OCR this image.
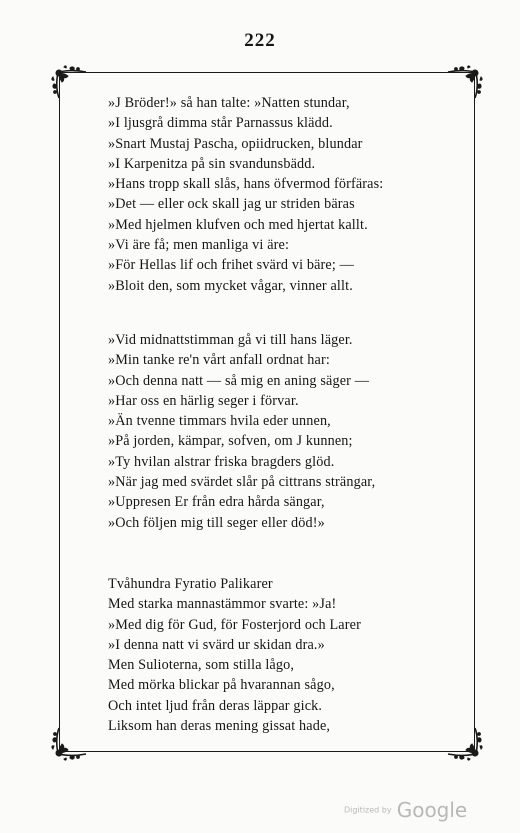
222
»J Bröder!» så han talte: »Natten stundar,
»I ljusgrå dimma står Parnassus klädd.
»Snart Mustaj Pascha, opiidrucken, blundar
»I Karpenitza på sin svandunsbädd.
»Hans tropp skall slås, hans öfvermod förfäras:
»Det — eller ock skall jag ur striden bäras
»Med hjelmen klufven och med hjertat kallt.
»Vi äre få; men manliga vi äre:
»För Hellas lif och frihet svärd vi bäre; —
»Bloit den, som mycket vågar, vinner allt.
»Vid midnattstimman gå vi till hans läger.
»Min tanke re'n vårt anfall ordnat har:
»Och denna natt — så mig en aning säger —
»Har oss en härlig seger i förvar.
»Än tvenne timmars hvila eder unnen,
»På jorden, kämpar, sofven, om J kunnen;
»Ty hvilan alstrar friska bragders glöd.
»När jag med svärdet slår på cittrans strängar,
»Uppresen Er från edra hårda sängar,
»Och följen mig till seger eller död!»
Tvåhundra Fyratio Palikarer
Med starka mannastämmor svarte: »Ja!
»Med dig för Gud, för Fosterjord och Larer
»I denna natt vi svärd ur skidan dra.»
Men Sulioterna, som stilla lågo,
Med mörka blickar på hvarannan sågo,
Och intet ljud från deras läppar gick.
Liksom han deras mening gissat hade,
Digitized by Google
